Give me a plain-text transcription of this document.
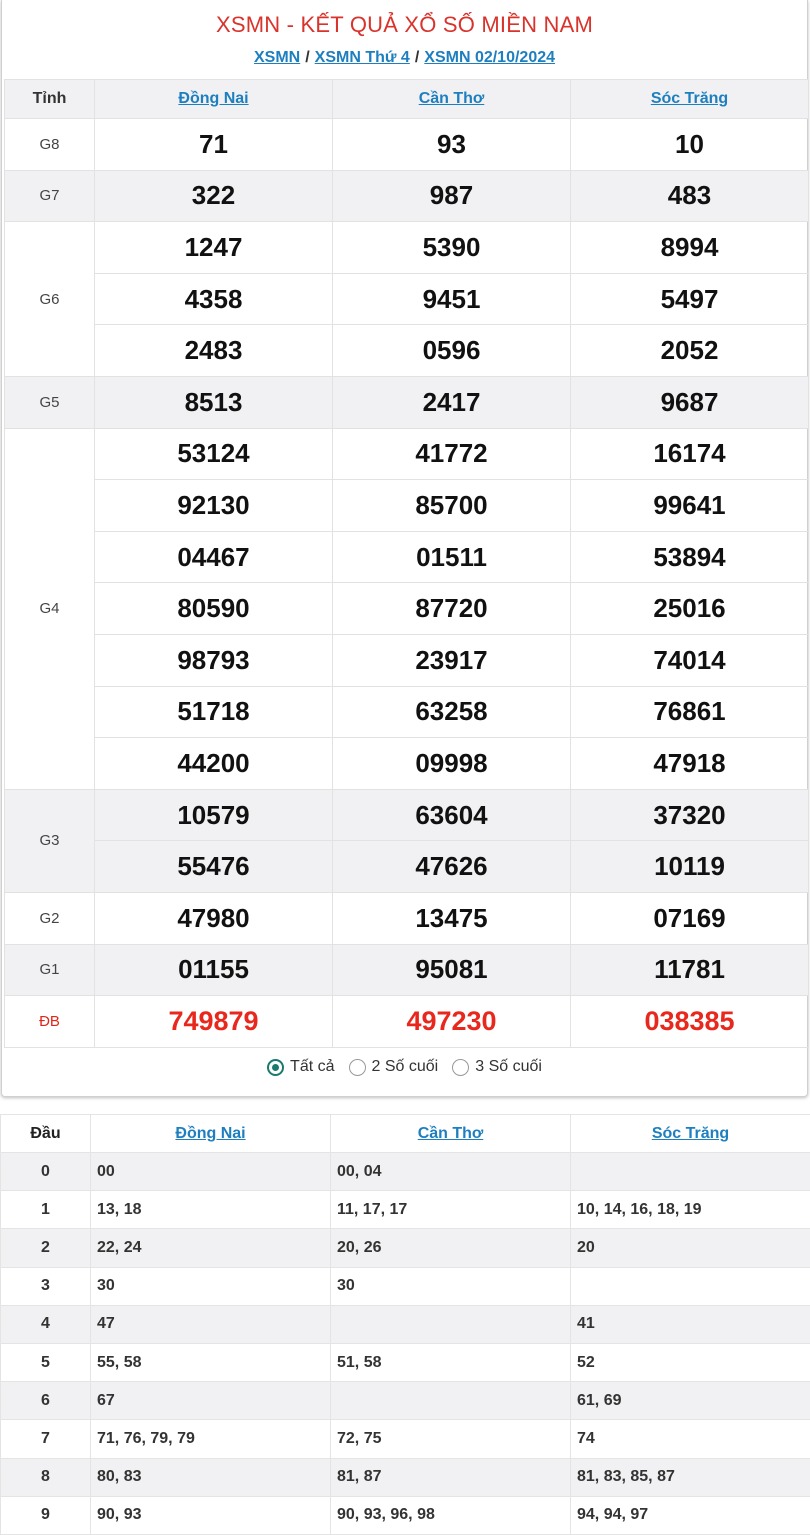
XSMN - KẾT QUẢ XỔ SỐ MIỀN NAM
XSMN / XSMN Thứ 4 / XSMN 02/10/2024
Tỉnh	Đồng Nai	Cần Thơ	Sóc Trăng
G8	71	93	10
G7	322	987	483
G6	1247	5390	8994
	4358	9451	5497
	2483	0596	2052
G5	8513	2417	9687
G4	53124	41772	16174
	92130	85700	99641
	04467	01511	53894
	80590	87720	25016
	98793	23917	74014
	51718	63258	76861
	44200	09998	47918
G3	10579	63604	37320
	55476	47626	10119
G2	47980	13475	07169
G1	01155	95081	11781
ĐB	749879	497230	038385
Tất cả 2 Số cuối 3 Số cuối
Đầu	Đồng Nai	Cần Thơ	Sóc Trăng
0	00	00, 04	
1	13, 18	11, 17, 17	10, 14, 16, 18, 19
2	22, 24	20, 26	20
3	30	30	
4	47		41
5	55, 58	51, 58	52
6	67		61, 69
7	71, 76, 79, 79	72, 75	74
8	80, 83	81, 87	81, 83, 85, 87
9	90, 93	90, 93, 96, 98	94, 94, 97
